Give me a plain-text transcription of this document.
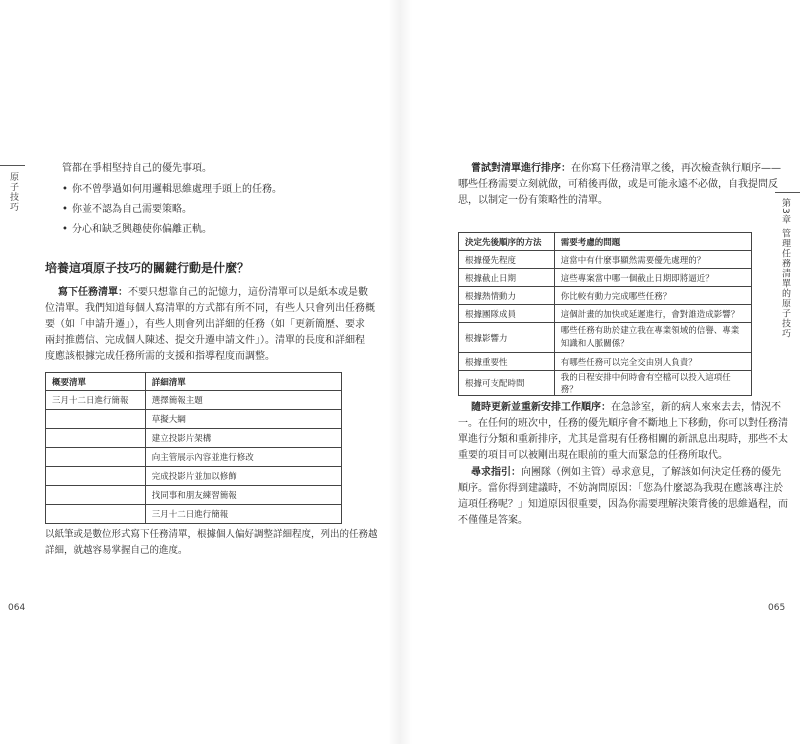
原子技巧
管都在爭相堅持自己的優先事項。
• 你不曾學過如何用邏輯思維處理手頭上的任務。
• 你並不認為自己需要策略。
• 分心和缺乏興趣使你偏離正軌。
培養這項原子技巧的關鍵行動是什麼？
寫下任務清單：不要只想靠自己的記憶力，這份清單可以是紙本或是數
位清單。我們知道每個人寫清單的方式都有所不同，有些人只會列出任務概
要（如「申請升遷」），有些人則會列出詳細的任務（如「更新簡歷、要求
兩封推薦信、完成個人陳述、提交升遷申請文件」）。清單的長度和詳細程
度應該根據完成任務所需的支援和指導程度而調整。
概要清單	詳細清單
三月十二日進行簡報	選擇簡報主題
	草擬大綱
	建立投影片架構
	向主管展示內容並進行修改
	完成投影片並加以修飾
	找同事和朋友練習簡報
	三月十二日進行簡報
以紙筆或是數位形式寫下任務清單，根據個人偏好調整詳細程度，列出的任務越
詳細，就越容易掌握自己的進度。
064
第3章 管理任務清單的原子技巧
嘗試對清單進行排序：在你寫下任務清單之後，再次檢查執行順序——
哪些任務需要立刻就做，可稍後再做，或是可能永遠不必做，自我提問反
思，以制定一份有策略性的清單。
決定先後順序的方法	需要考慮的問題
根據優先程度	這當中有什麼事顯然需要優先處理的？
根據截止日期	這些專案當中哪一個截止日期即將逼近？
根據熱情動力	你比較有動力完成哪些任務？
根據團隊成員	這個計畫的加快或延遲進行，會對誰造成影響？
根據影響力	哪些任務有助於建立我在專業領域的信譽、專業知識和人脈關係？
根據重要性	有哪些任務可以完全交由別人負責？
根據可支配時間	我的日程安排中何時會有空檔可以投入這項任務？
隨時更新並重新安排工作順序：在急診室，新的病人來來去去，情況不
一。在任何的班次中，任務的優先順序會不斷地上下移動，你可以對任務清
單進行分類和重新排序，尤其是當現有任務相關的新訊息出現時，那些不太
重要的項目可以被剛出現在眼前的重大而緊急的任務所取代。
尋求指引：向團隊（例如主管）尋求意見，了解該如何決定任務的優先
順序。當你得到建議時，不妨詢問原因：「您為什麼認為我現在應該專注於
這項任務呢？」知道原因很重要，因為你需要理解決策背後的思維過程，而
不僅僅是答案。
065
